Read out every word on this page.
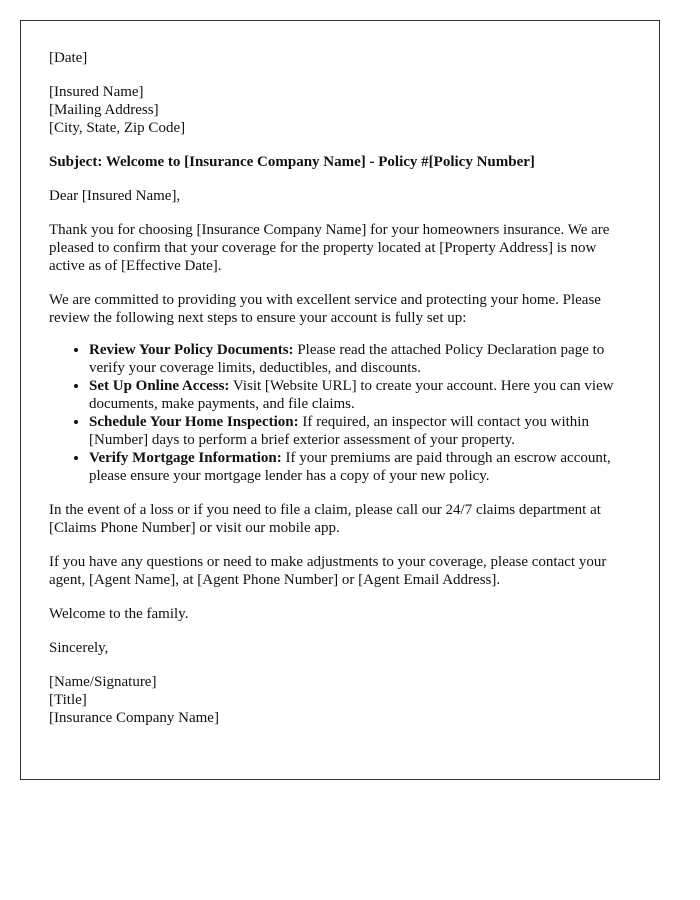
[Date]

[Insured Name]
[Mailing Address]
[City, State, Zip Code]

Subject: Welcome to [Insurance Company Name] - Policy #[Policy Number]

Dear [Insured Name],

Thank you for choosing [Insurance Company Name] for your homeowners insurance. We are pleased to confirm that your coverage for the property located at [Property Address] is now active as of [Effective Date].

We are committed to providing you with excellent service and protecting your home. Please review the following next steps to ensure your account is fully set up:

• Review Your Policy Documents: Please read the attached Policy Declaration page to verify your coverage limits, deductibles, and discounts.
• Set Up Online Access: Visit [Website URL] to create your account. Here you can view documents, make payments, and file claims.
• Schedule Your Home Inspection: If required, an inspector will contact you within [Number] days to perform a brief exterior assessment of your property.
• Verify Mortgage Information: If your premiums are paid through an escrow account, please ensure your mortgage lender has a copy of your new policy.

In the event of a loss or if you need to file a claim, please call our 24/7 claims department at [Claims Phone Number] or visit our mobile app.

If you have any questions or need to make adjustments to your coverage, please contact your agent, [Agent Name], at [Agent Phone Number] or [Agent Email Address].

Welcome to the family.

Sincerely,

[Name/Signature]
[Title]
[Insurance Company Name]
